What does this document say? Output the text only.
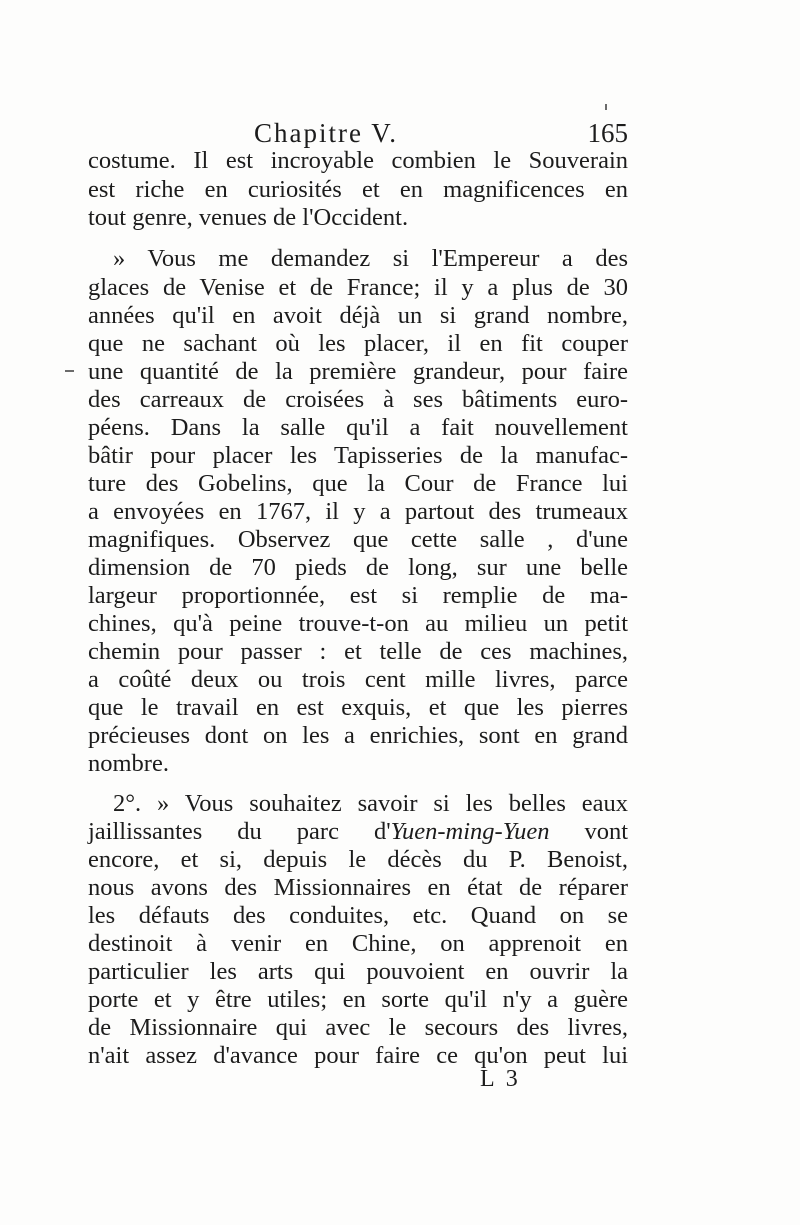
Chapitre V.	165
costume. Il est incroyable combien le Souverain
est riche en curiosités et en magnificences en
tout genre, venues de l'Occident.
» Vous me demandez si l'Empereur a des
glaces de Venise et de France; il y a plus de 30
années qu'il en avoit déjà un si grand nombre,
que ne sachant où les placer, il en fit couper
une quantité de la première grandeur, pour faire
des carreaux de croisées à ses bâtiments euro-
péens. Dans la salle qu'il a fait nouvellement
bâtir pour placer les Tapisseries de la manufac-
ture des Gobelins, que la Cour de France lui
a envoyées en 1767, il y a partout des trumeaux
magnifiques. Observez que cette salle , d'une
dimension de 70 pieds de long, sur une belle
largeur proportionnée, est si remplie de ma-
chines, qu'à peine trouve-t-on au milieu un petit
chemin pour passer : et telle de ces machines,
a coûté deux ou trois cent mille livres, parce
que le travail en est exquis, et que les pierres
précieuses dont on les a enrichies, sont en grand
nombre.
2°. » Vous souhaitez savoir si les belles eaux
jaillissantes du parc d'Yuen-ming-Yuen vont
encore, et si, depuis le décès du P. Benoist,
nous avons des Missionnaires en état de réparer
les défauts des conduites, etc. Quand on se
destinoit à venir en Chine, on apprenoit en
particulier les arts qui pouvoient en ouvrir la
porte et y être utiles; en sorte qu'il n'y a guère
de Missionnaire qui avec le secours des livres,
n'ait assez d'avance pour faire ce qu'on peut lui
L 3
